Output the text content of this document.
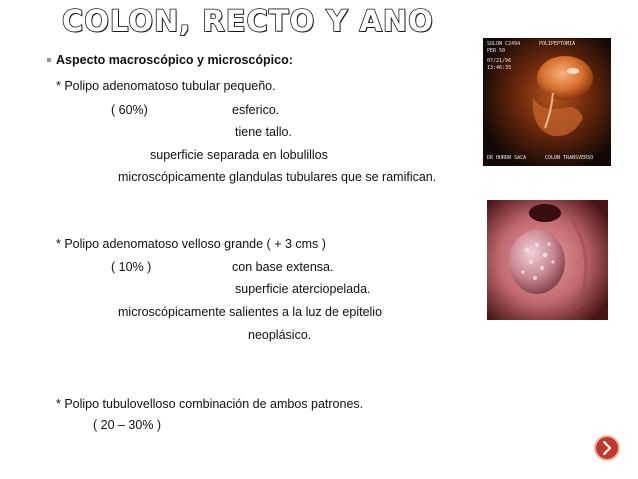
COLON, RECTO Y ANO
Aspecto macroscópico y microscópico:
* Polipo adenomatoso tubular pequeño.
( 60%)	esferico.
tiene tallo.
superficie separada en lobulillos
microscópicamente glandulas tubulares que se ramifican.
* Polipo adenomatoso velloso grande ( + 3 cms )
( 10% )	con base extensa.
superficie aterciopelada.
microscópicamente salientes a la luz de epitelio
neoplásico.
* Polipo tubulovelloso combinación de ambos patrones.
( 20 – 30% )
SOLON C2494
PER 50
POLIPEPTOMIA
07/21/96
13:46:35
DR HURRN SACA	COLON TRANSVERSO
